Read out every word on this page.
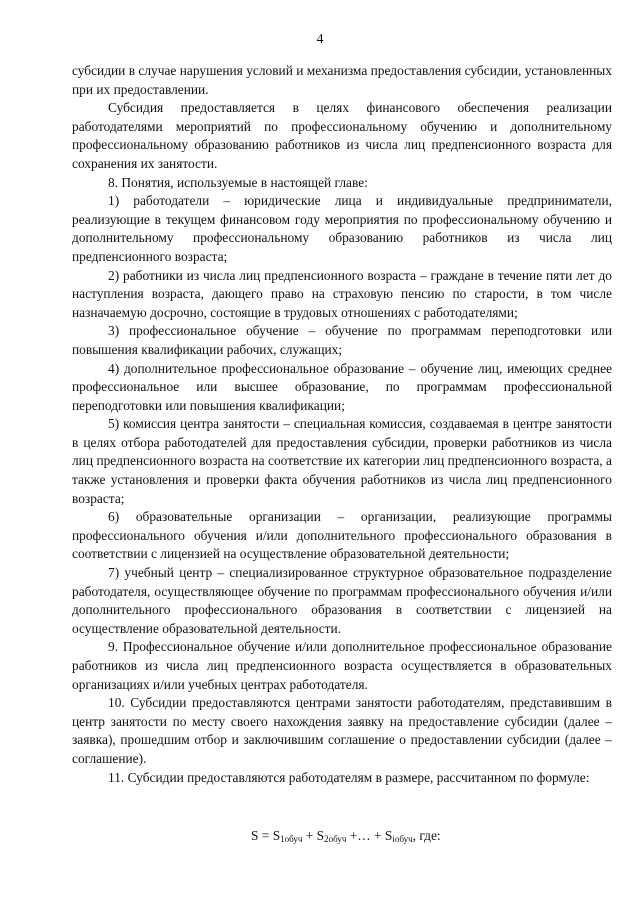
4

субсидии в случае нарушения условий и механизма предоставления субсидии, установленных при их предоставлении.

Субсидия предоставляется в целях финансового обеспечения реализации работодателями мероприятий по профессиональному обучению и дополнительному профессиональному образованию работников из числа лиц предпенсионного возраста для сохранения их занятости.

8. Понятия, используемые в настоящей главе:

1) работодатели – юридические лица и индивидуальные предприниматели, реализующие в текущем финансовом году мероприятия по профессиональному обучению и дополнительному профессиональному образованию работников из числа лиц предпенсионного возраста;

2) работники из числа лиц предпенсионного возраста – граждане в течение пяти лет до наступления возраста, дающего право на страховую пенсию по старости, в том числе назначаемую досрочно, состоящие в трудовых отношениях с работодателями;

3) профессиональное обучение – обучение по программам переподготовки или повышения квалификации рабочих, служащих;

4) дополнительное профессиональное образование – обучение лиц, имеющих среднее профессиональное или высшее образование, по программам профессиональной переподготовки или повышения квалификации;

5) комиссия центра занятости – специальная комиссия, создаваемая в центре занятости в целях отбора работодателей для предоставления субсидии, проверки работников из числа лиц предпенсионного возраста на соответствие их категории лиц предпенсионного возраста, а также установления и проверки факта обучения работников из числа лиц предпенсионного возраста;

6) образовательные организации – организации, реализующие программы профессионального обучения и/или дополнительного профессионального образования в соответствии с лицензией на осуществление образовательной деятельности;

7) учебный центр – специализированное структурное образовательное подразделение работодателя, осуществляющее обучение по программам профессионального обучения и/или дополнительного профессионального образования в соответствии с лицензией на осуществление образовательной деятельности.

9. Профессиональное обучение и/или дополнительное профессиональное образование работников из числа лиц предпенсионного возраста осуществляется в образовательных организациях и/или учебных центрах работодателя.

10. Субсидии предоставляются центрами занятости работодателям, представившим в центр занятости по месту своего нахождения заявку на предоставление субсидии (далее – заявка), прошедшим отбор и заключившим соглашение о предоставлении субсидии (далее – соглашение).

11. Субсидии предоставляются работодателям в размере, рассчитанном по формуле:

$S = S_{1обуч} + S_{2обуч}$ +… + $S_{iобуч}$, где:
